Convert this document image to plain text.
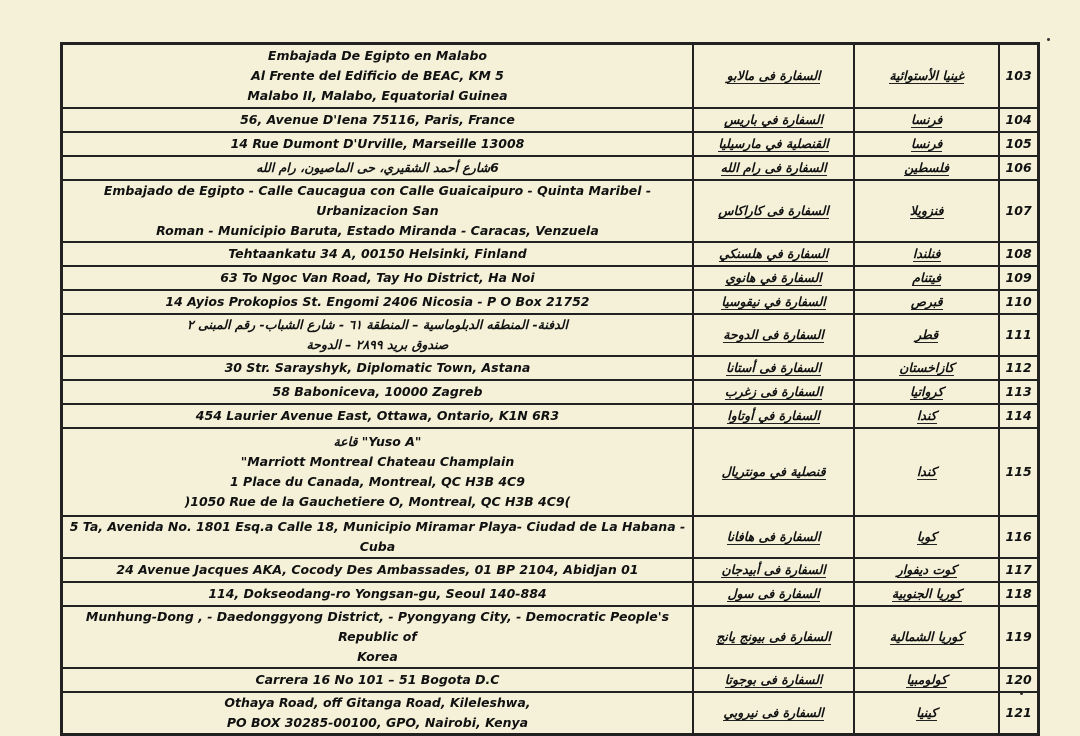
Embajada De Egipto en Malabo
Al Frente del Edificio de BEAC, KM 5
Malabo II, Malabo, Equatorial Guinea	السفارة فى مالابو	غينيا الأستوائية	103

56, Avenue D'Iena 75116, Paris, France	السفارة في باريس	فرنسا	104

14 Rue Dumont D'Urville, Marseille 13008	القنصلية في مارسيليا	فرنسا	105

6شارع أحمد الشقيري، حى الماصيون، رام الله	السفارة فى رام الله	فلسطين	106

Embajado de Egipto - Calle Caucagua con Calle Guaicaipuro - Quinta Maribel - Urbanizacion San
Roman - Municipio Baruta, Estado Miranda - Caracas, Venzuela	السفارة فى كاراكاس	فنزويلا	107

Tehtaankatu 34 A, 00150 Helsinki, Finland	السفارة في هلسنكي	فنلندا	108

63 To Ngoc Van Road, Tay Ho District, Ha Noi	السفارة في هانوي	فيتنام	109

14 Ayios Prokopios St. Engomi 2406 Nicosia - P O Box 21752	السفارة في نيقوسيا	قبرص	110

الدفنة- المنطقه الدبلوماسية – المنطقة ٦١ - شارع الشباب- رقم المبنى ٢
صندوق بريد ٢٨٩٩ – الدوحة	السفارة فى الدوحة	قطر	111

30 Str. Sarayshyk, Diplomatic Town, Astana	السفارة فى أستانا	كازاخستان	112

58 Baboniceva, 10000 Zagreb	السفارة فى زغرب	كرواتيا	113

454 Laurier Avenue East, Ottawa, Ontario, K1N 6R3	السفارة في أوتاوا	كندا	114

قاعة "Yuso A"
"Marriott Montreal Chateau Champlain
1 Place du Canada, Montreal, QC H3B 4C9
)1050 Rue de la Gauchetiere O, Montreal, QC H3B 4C9(	قنصلية في مونتريال	كندا	115

5 Ta, Avenida No. 1801 Esq.a Calle 18, Municipio Miramar Playa- Ciudad de La Habana - Cuba	السفارة فى هافانا	كوبا	116

24 Avenue Jacques AKA, Cocody Des Ambassades, 01 BP 2104, Abidjan 01	السفارة فى أبيدجان	كوت ديفوار	117

114, Dokseodang-ro Yongsan-gu, Seoul 140-884	السفارة فى سول	كوريا الجنوبية	118

Munhung-Dong , - Daedonggyong District, - Pyongyang City, - Democratic People's Republic of
Korea	السفارة فى بيونج يانج	كوريا الشمالية	119

Carrera 16 No 101 – 51 Bogota D.C	السفارة فى بوجوتا	كولومبيا	120

Othaya Road, off Gitanga Road, Kileleshwa,
PO BOX 30285-00100, GPO, Nairobi, Kenya	السفارة فى نيروبي	كينيا	121
